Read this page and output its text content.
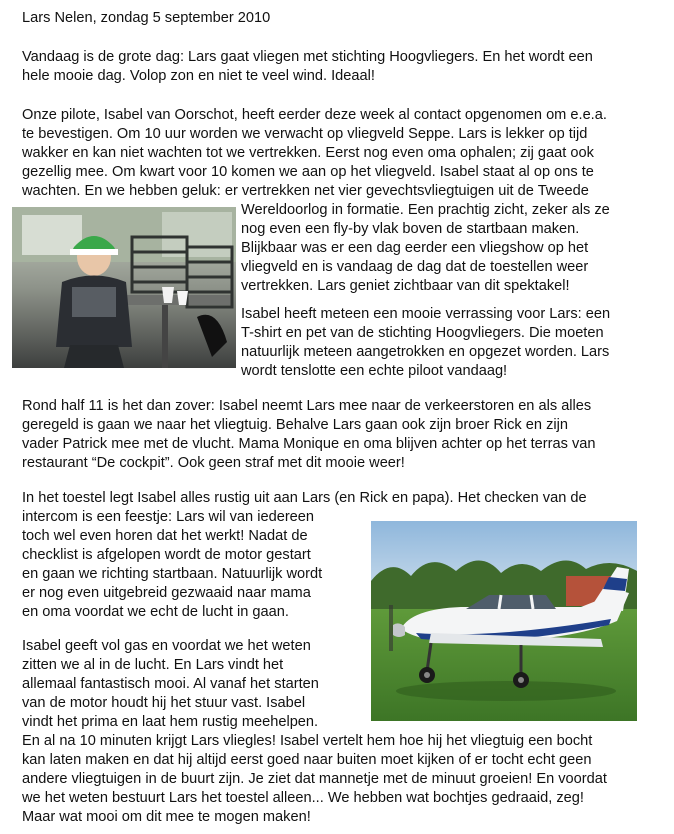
Lars Nelen, zondag 5 september 2010
Vandaag is de grote dag: Lars gaat vliegen met stichting Hoogvliegers. En het wordt een
hele mooie dag. Volop zon en niet te veel wind. Ideaal!
Onze pilote, Isabel van Oorschot, heeft eerder deze week al contact opgenomen om e.e.a.
te bevestigen. Om 10 uur worden we verwacht op vliegveld Seppe. Lars is lekker op tijd
wakker en kan niet wachten tot we vertrekken. Eerst nog even oma ophalen; zij gaat ook
gezellig mee. Om kwart voor 10 komen we aan op het vliegveld. Isabel staat al op ons te
wachten. En we hebben geluk: er vertrekken net vier gevechtsvliegtuigen uit de Tweede
Wereldoorlog in formatie. Een prachtig zicht, zeker als ze
nog even een fly-by vlak boven de startbaan maken.
Blijkbaar was er een dag eerder een vliegshow op het
vliegveld en is vandaag de dag dat de toestellen weer
vertrekken. Lars geniet zichtbaar van dit spektakel!
Isabel heeft meteen een mooie verrassing voor Lars: een
T-shirt en pet van de stichting Hoogvliegers. Die moeten
natuurlijk meteen aangetrokken en opgezet worden. Lars
wordt tenslotte een echte piloot vandaag!
Rond half 11 is het dan zover: Isabel neemt Lars mee naar de verkeerstoren en als alles
geregeld is gaan we naar het vliegtuig. Behalve Lars gaan ook zijn broer Rick en zijn
vader Patrick mee met de vlucht. Mama Monique en oma blijven achter op het terras van
restaurant “De cockpit”. Ook geen straf met dit mooie weer!
In het toestel legt Isabel alles rustig uit aan Lars (en Rick en papa). Het checken van de
intercom is een feestje: Lars wil van iedereen
toch wel even horen dat het werkt! Nadat de
checklist is afgelopen wordt de motor gestart
en gaan we richting startbaan. Natuurlijk wordt
er nog even uitgebreid gezwaaid naar mama
en oma voordat we echt de lucht in gaan.
Isabel geeft vol gas en voordat we het weten
zitten we al in de lucht. En Lars vindt het
allemaal fantastisch mooi. Al vanaf het starten
van de motor houdt hij het stuur vast. Isabel
vindt het prima en laat hem rustig meehelpen.
En al na 10 minuten krijgt Lars vliegles! Isabel vertelt hem hoe hij het vliegtuig een bocht
kan laten maken en dat hij altijd eerst goed naar buiten moet kijken of er tocht echt geen
andere vliegtuigen in de buurt zijn. Je ziet dat mannetje met de minuut groeien! En voordat
we het weten bestuurt Lars het toestel alleen... We hebben wat bochtjes gedraaid, zeg!
Maar wat mooi om dit mee te mogen maken!
